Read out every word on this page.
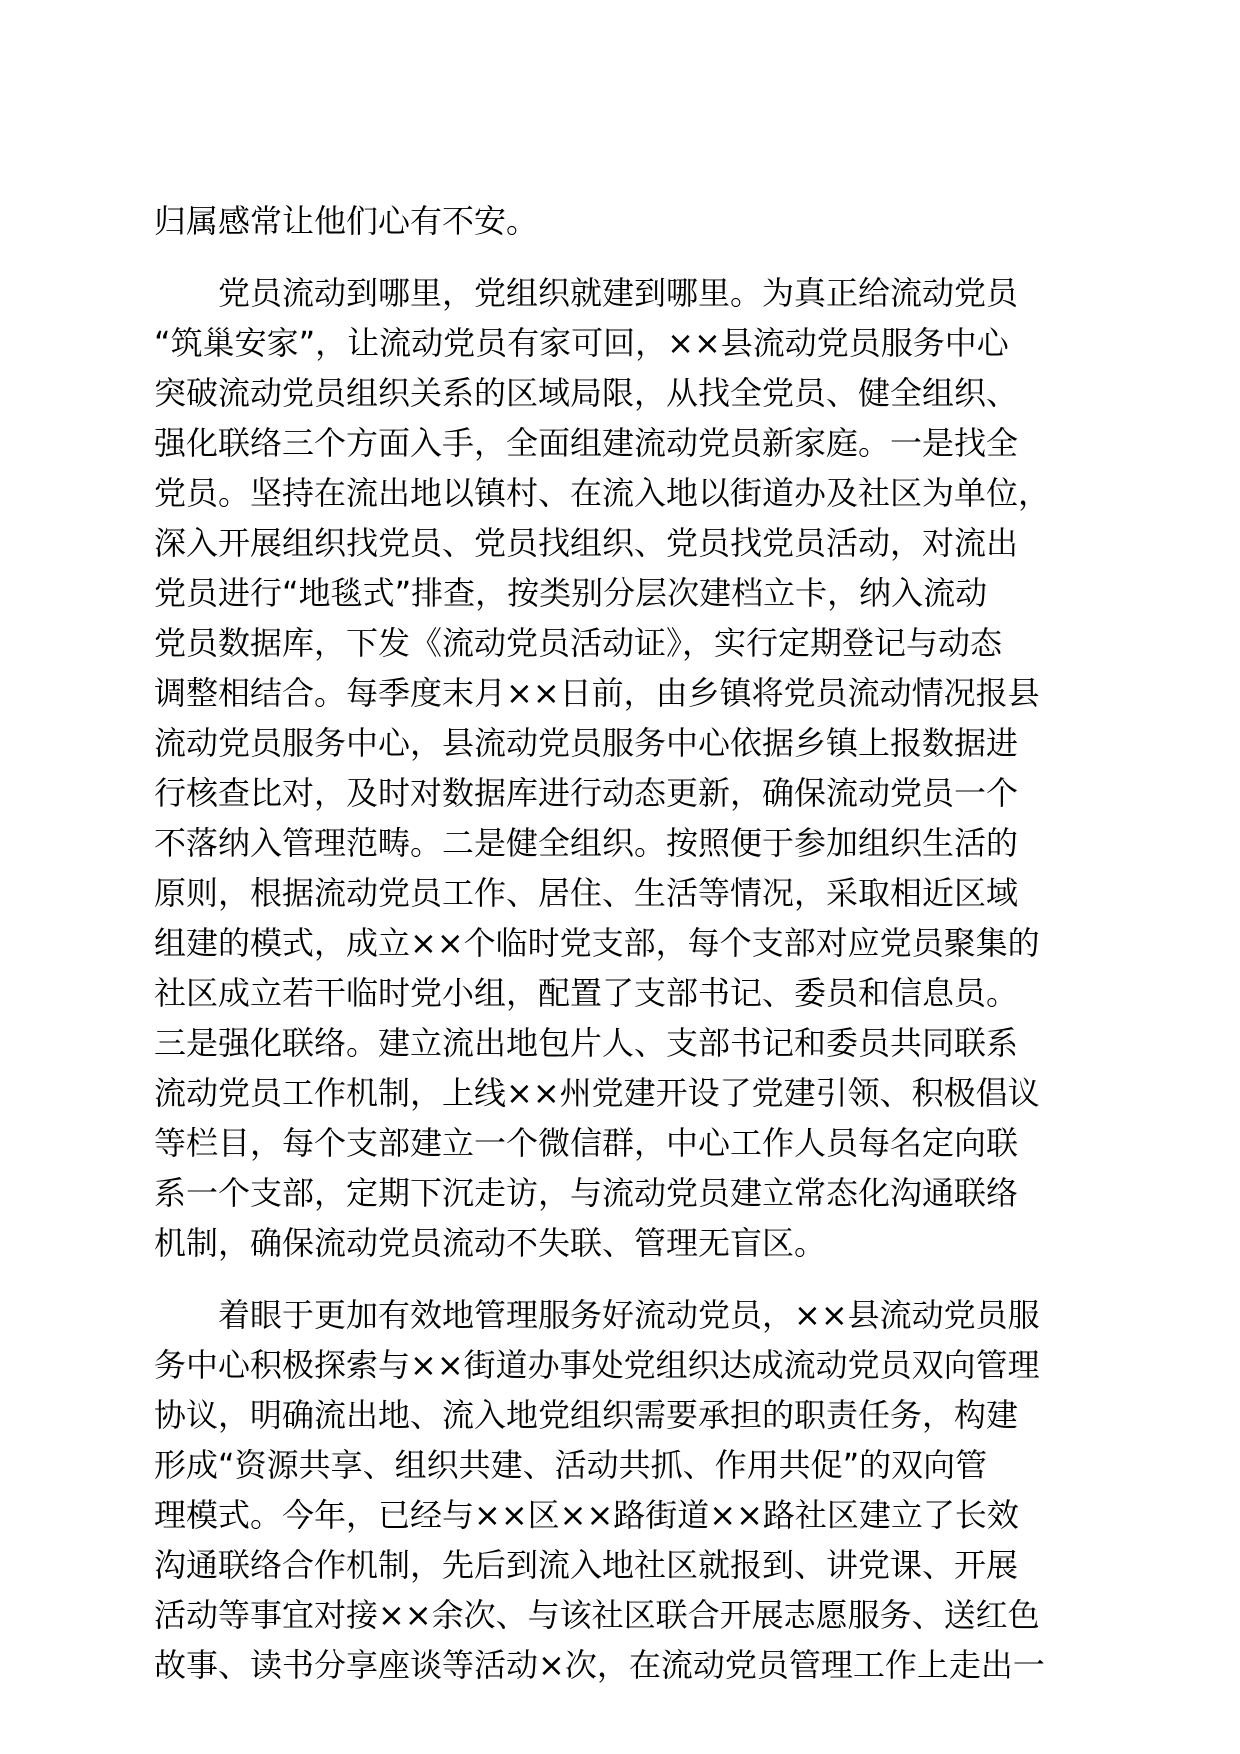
归属感常让他们心有不安。
党员流动到哪里，党组织就建到哪里。为真正给流动党员
“筑巢安家”，让流动党员有家可回，××县流动党员服务中心
突破流动党员组织关系的区域局限，从找全党员、健全组织、
强化联络三个方面入手，全面组建流动党员新家庭。一是找全
党员。坚持在流出地以镇村、在流入地以街道办及社区为单位，
深入开展组织找党员、党员找组织、党员找党员活动，对流出
党员进行“地毯式”排查，按类别分层次建档立卡，纳入流动
党员数据库，下发《流动党员活动证》，实行定期登记与动态
调整相结合。每季度末月××日前，由乡镇将党员流动情况报县
流动党员服务中心，县流动党员服务中心依据乡镇上报数据进
行核查比对，及时对数据库进行动态更新，确保流动党员一个
不落纳入管理范畴。二是健全组织。按照便于参加组织生活的
原则，根据流动党员工作、居住、生活等情况，采取相近区域
组建的模式，成立××个临时党支部，每个支部对应党员聚集的
社区成立若干临时党小组，配置了支部书记、委员和信息员。
三是强化联络。建立流出地包片人、支部书记和委员共同联系
流动党员工作机制，上线××州党建开设了党建引领、积极倡议
等栏目，每个支部建立一个微信群，中心工作人员每名定向联
系一个支部，定期下沉走访，与流动党员建立常态化沟通联络
机制，确保流动党员流动不失联、管理无盲区。
着眼于更加有效地管理服务好流动党员，××县流动党员服
务中心积极探索与××街道办事处党组织达成流动党员双向管理
协议，明确流出地、流入地党组织需要承担的职责任务，构建
形成“资源共享、组织共建、活动共抓、作用共促”的双向管
理模式。今年，已经与××区××路街道××路社区建立了长效
沟通联络合作机制，先后到流入地社区就报到、讲党课、开展
活动等事宜对接××余次、与该社区联合开展志愿服务、送红色
故事、读书分享座谈等活动×次，在流动党员管理工作上走出一
